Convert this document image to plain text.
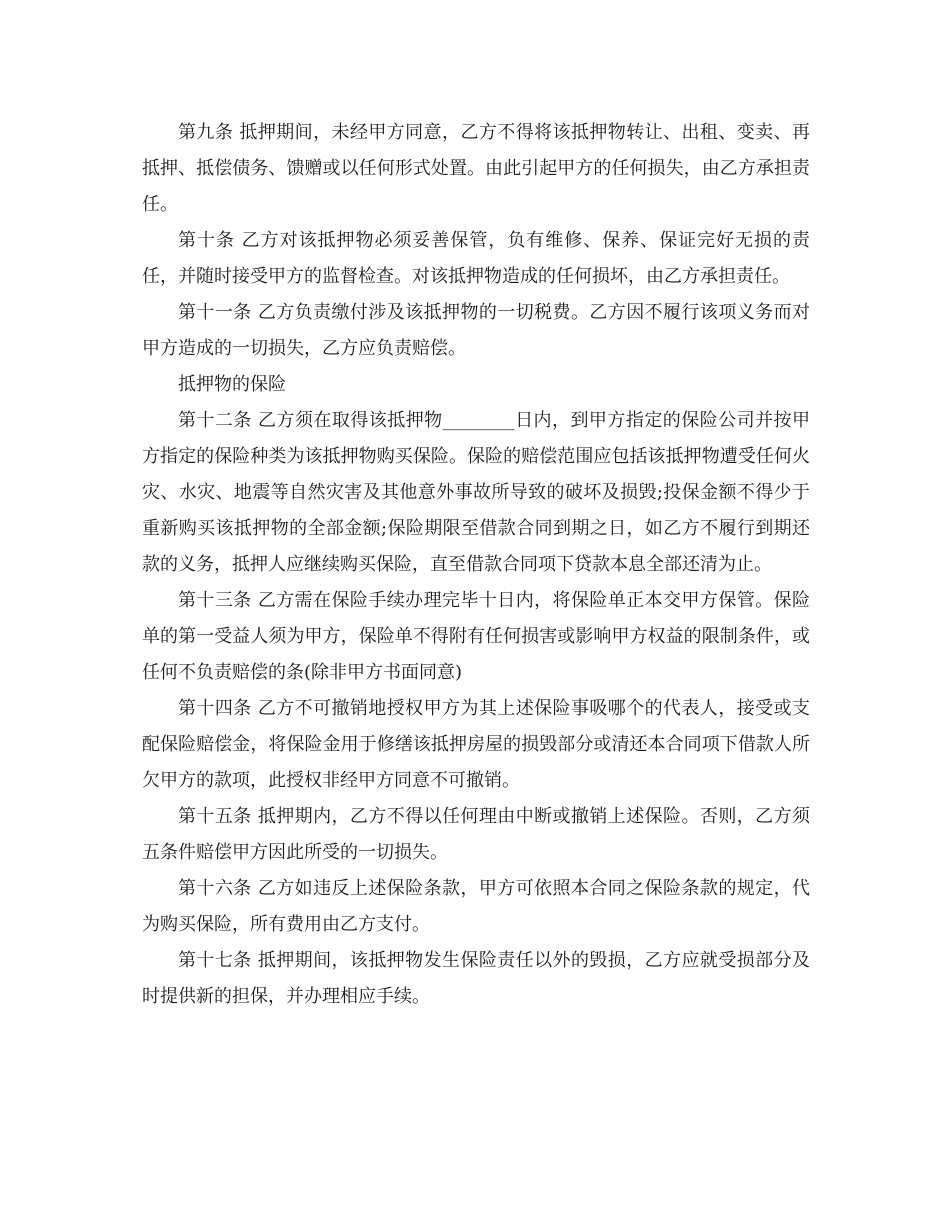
第九条 抵押期间，未经甲方同意，乙方不得将该抵押物转让、出租、变卖、再抵押、抵偿债务、馈赠或以任何形式处置。由此引起甲方的任何损失，由乙方承担责任。

第十条 乙方对该抵押物必须妥善保管，负有维修、保养、保证完好无损的责任，并随时接受甲方的监督检查。对该抵押物造成的任何损坏，由乙方承担责任。

第十一条 乙方负责缴付涉及该抵押物的一切税费。乙方因不履行该项义务而对甲方造成的一切损失，乙方应负责赔偿。

抵押物的保险

第十二条 乙方须在取得该抵押物________日内，到甲方指定的保险公司并按甲方指定的保险种类为该抵押物购买保险。保险的赔偿范围应包括该抵押物遭受任何火灾、水灾、地震等自然灾害及其他意外事故所导致的破坏及损毁;投保金额不得少于重新购买该抵押物的全部金额;保险期限至借款合同到期之日，如乙方不履行到期还款的义务，抵押人应继续购买保险，直至借款合同项下贷款本息全部还清为止。

第十三条 乙方需在保险手续办理完毕十日内，将保险单正本交甲方保管。保险单的第一受益人须为甲方，保险单不得附有任何损害或影响甲方权益的限制条件，或任何不负责赔偿的条(除非甲方书面同意)

第十四条 乙方不可撤销地授权甲方为其上述保险事吸哪个的代表人，接受或支配保险赔偿金，将保险金用于修缮该抵押房屋的损毁部分或清还本合同项下借款人所欠甲方的款项，此授权非经甲方同意不可撤销。

第十五条 抵押期内，乙方不得以任何理由中断或撤销上述保险。否则，乙方须五条件赔偿甲方因此所受的一切损失。

第十六条 乙方如违反上述保险条款，甲方可依照本合同之保险条款的规定，代为购买保险，所有费用由乙方支付。

第十七条 抵押期间，该抵押物发生保险责任以外的毁损，乙方应就受损部分及时提供新的担保，并办理相应手续。
